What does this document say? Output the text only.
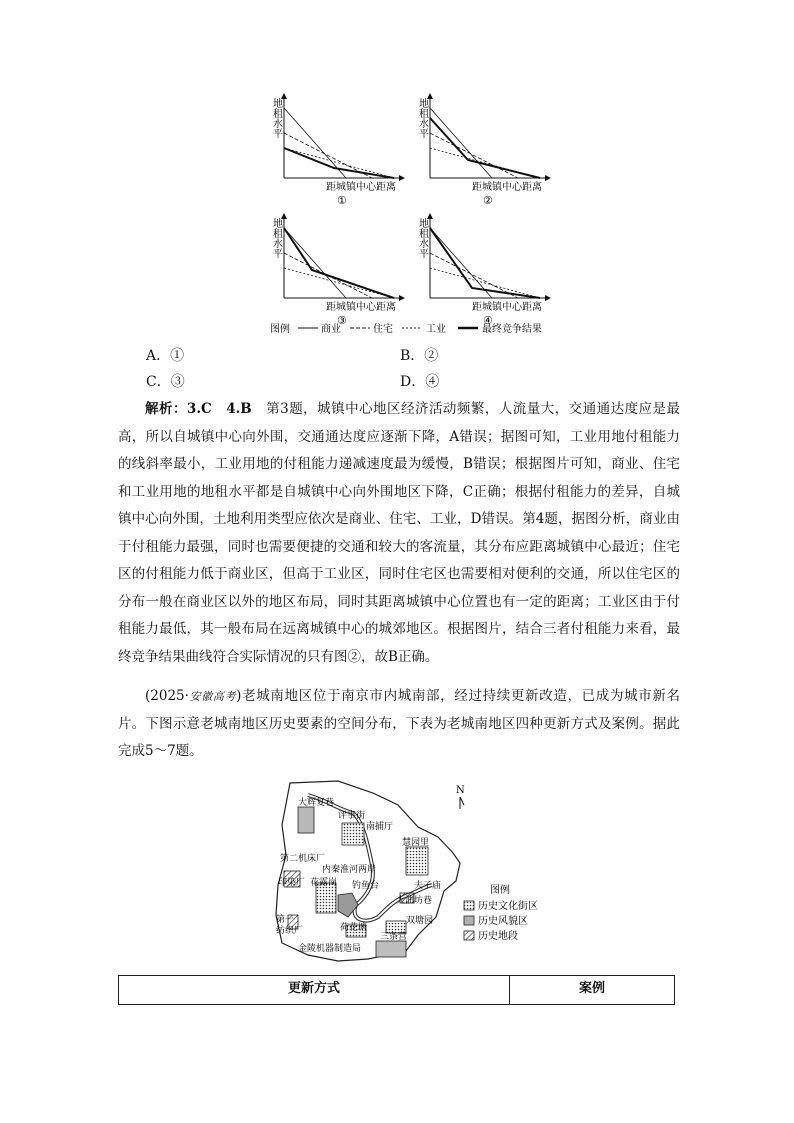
地租水平
距城镇中心距离
①
地租水平
距城镇中心距离
②
地租水平
距城镇中心距离
③
地租水平
距城镇中心距离
④
图例	商业	住宅	工业	最终竞争结果
A．①	B．②
C．③	D．④

解析：3.C　4.B　第3题，城镇中心地区经济活动频繁，人流量大，交通通达度应是最高，所以自城镇中心向外围，交通通达度应逐渐下降，A错误；据图可知，工业用地付租能力的线斜率最小，工业用地的付租能力递减速度最为缓慢，B错误；根据图片可知，商业、住宅和工业用地的地租水平都是自城镇中心向外围地区下降，C正确；根据付租能力的差异，自城镇中心向外围，土地利用类型应依次是商业、住宅、工业，D错误。第4题，据图分析，商业由于付租能力最强，同时也需要便捷的交通和较大的客流量，其分布应距离城镇中心最近；住宅区的付租能力低于商业区，但高于工业区，同时住宅区也需要相对便利的交通，所以住宅区的分布一般在商业区以外的地区布局，同时其距离城镇中心位置也有一定的距离；工业区由于付租能力最低，其一般布局在远离城镇中心的城郊地区。根据图片，结合三者付租能力来看，最终竞争结果曲线符合实际情况的只有图②，故B正确。

(2025·安徽高考)老城南地区位于南京市内城南部，经过持续更新改造，已成为城市新名片。下图示意老城南地区历史要素的空间分布，下表为老城南地区四种更新方式及案例。据此完成5～7题。

大辉复巷
评事街
南捕厅
慧园里
第二机床厂
内秦淮河两岸
印染厂 花露岗 钓鱼台	夫子庙
大油坊巷
第一
纺织厂	荷花塘
双塘园
三条营
金陵机器制造局
N
图例
历史文化街区
历史风貌区
历史地段
更新方式	案例
